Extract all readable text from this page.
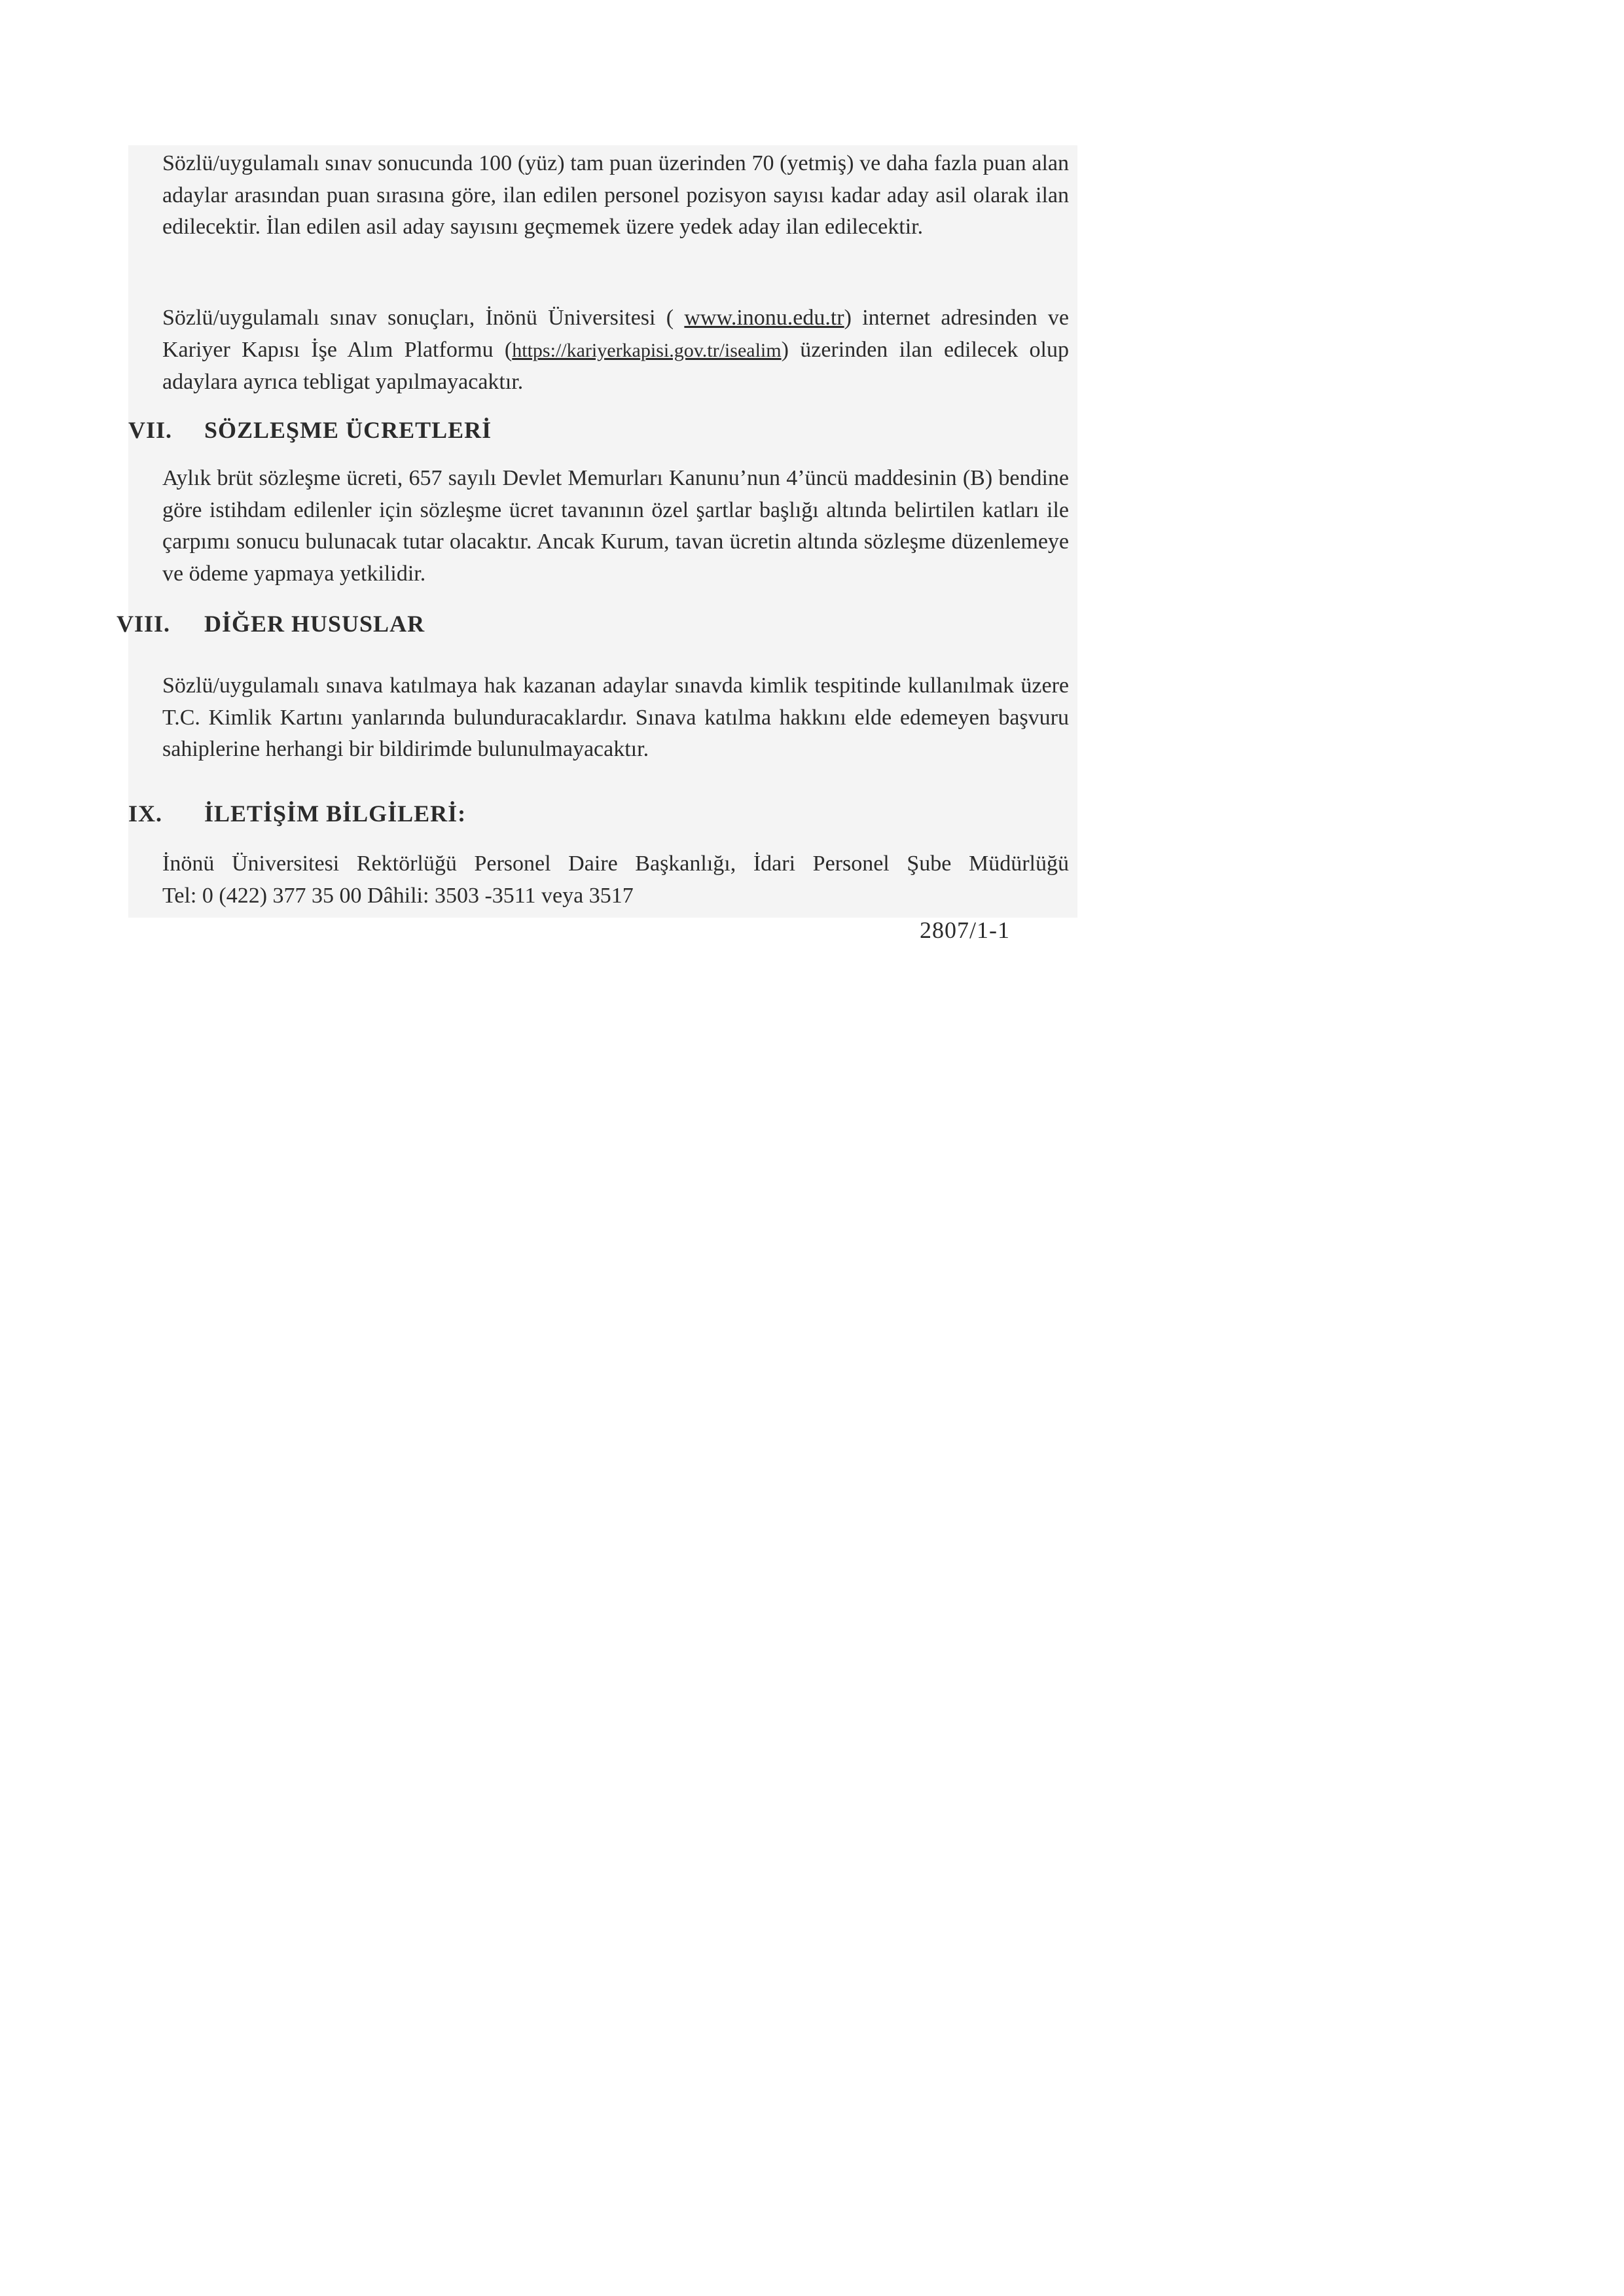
Sözlü/uygulamalı sınav sonucunda 100 (yüz) tam puan üzerinden 70 (yetmiş) ve daha fazla puan alan adaylar arasından puan sırasına göre, ilan edilen personel pozisyon sayısı kadar aday asil olarak ilan edilecektir. İlan edilen asil aday sayısını geçmemek üzere yedek aday ilan edilecektir.

Sözlü/uygulamalı sınav sonuçları, İnönü Üniversitesi ( www.inonu.edu.tr) internet adresinden ve Kariyer Kapısı İşe Alım Platformu (https://kariyerkapisi.gov.tr/isealim) üzerinden ilan edilecek olup adaylara ayrıca tebligat yapılmayacaktır.

VII. SÖZLEŞME ÜCRETLERİ

Aylık brüt sözleşme ücreti, 657 sayılı Devlet Memurları Kanunu’nun 4’üncü maddesinin (B) bendine göre istihdam edilenler için sözleşme ücret tavanının özel şartlar başlığı altında belirtilen katları ile çarpımı sonucu bulunacak tutar olacaktır. Ancak Kurum, tavan ücretin altında sözleşme düzenlemeye ve ödeme yapmaya yetkilidir.

VIII. DİĞER HUSUSLAR

Sözlü/uygulamalı sınava katılmaya hak kazanan adaylar sınavda kimlik tespitinde kullanılmak üzere T.C. Kimlik Kartını yanlarında bulunduracaklardır. Sınava katılma hakkını elde edemeyen başvuru sahiplerine herhangi bir bildirimde bulunulmayacaktır.

IX. İLETİŞİM BİLGİLERİ:
İnönü Üniversitesi Rektörlüğü Personel Daire Başkanlığı, İdari Personel Şube Müdürlüğü
Tel: 0 (422) 377 35 00 Dâhili: 3503 -3511 veya 3517
2807/1-1
